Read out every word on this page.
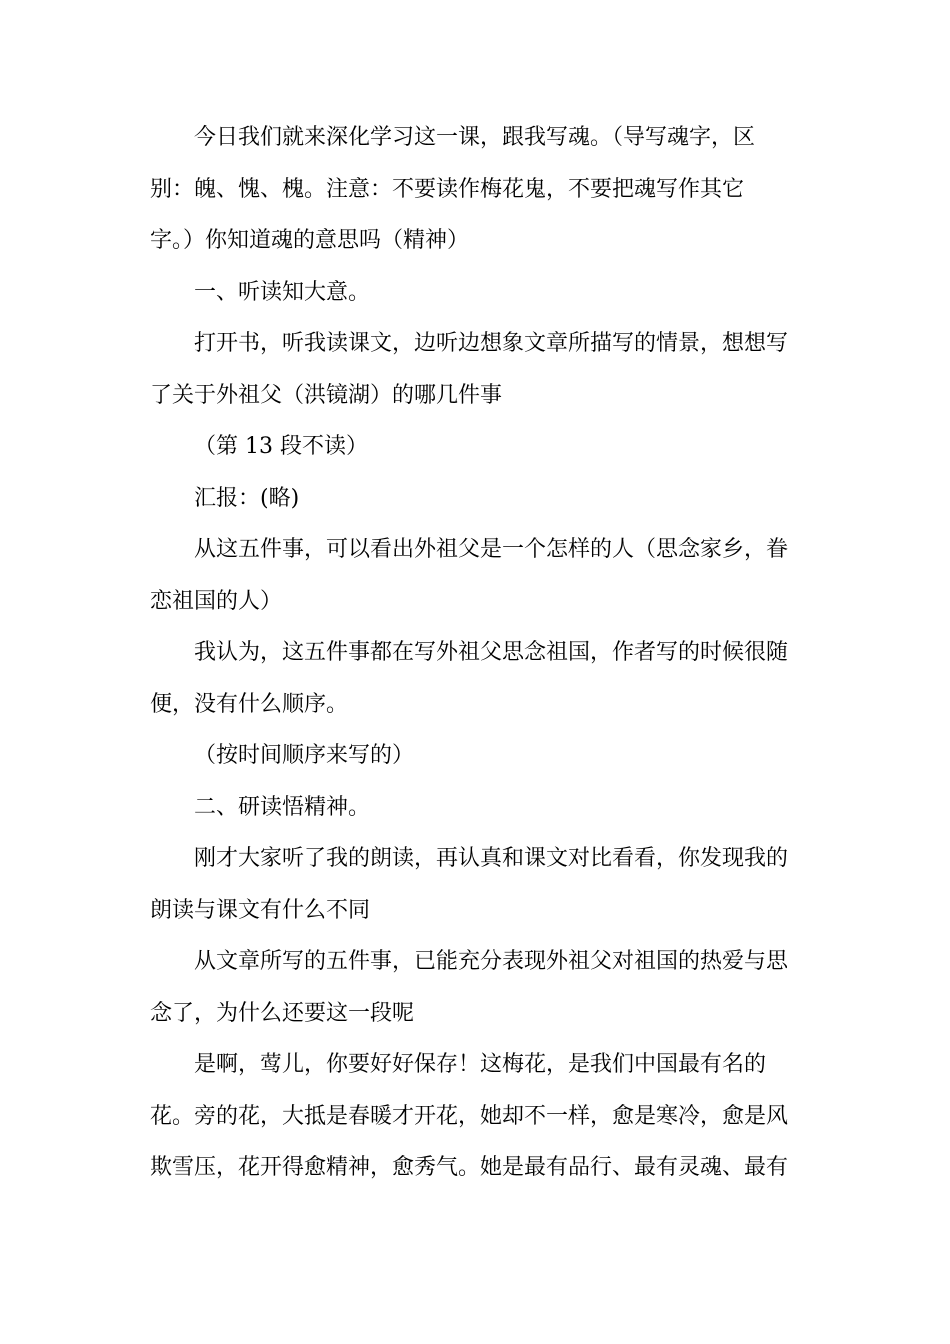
今日我们就来深化学习这一课，跟我写魂。（导写魂字，区
别：魄、愧、槐。注意：不要读作梅花鬼，不要把魂写作其它
字。）你知道魂的意思吗（精神）

一、听读知大意。

打开书，听我读课文，边听边想象文章所描写的情景，想想写
了关于外祖父（洪镜湖）的哪几件事

（第 13 段不读）

汇报：(略)

从这五件事，可以看出外祖父是一个怎样的人（思念家乡，眷
恋祖国的人）

我认为，这五件事都在写外祖父思念祖国，作者写的时候很随
便，没有什么顺序。

（按时间顺序来写的）

二、研读悟精神。

刚才大家听了我的朗读，再认真和课文对比看看，你发现我的
朗读与课文有什么不同

从文章所写的五件事，已能充分表现外祖父对祖国的热爱与思
念了，为什么还要这一段呢

是啊，莺儿，你要好好保存！这梅花，是我们中国最有名的
花。旁的花，大抵是春暖才开花，她却不一样，愈是寒冷，愈是风
欺雪压，花开得愈精神，愈秀气。她是最有品行、最有灵魂、最有
